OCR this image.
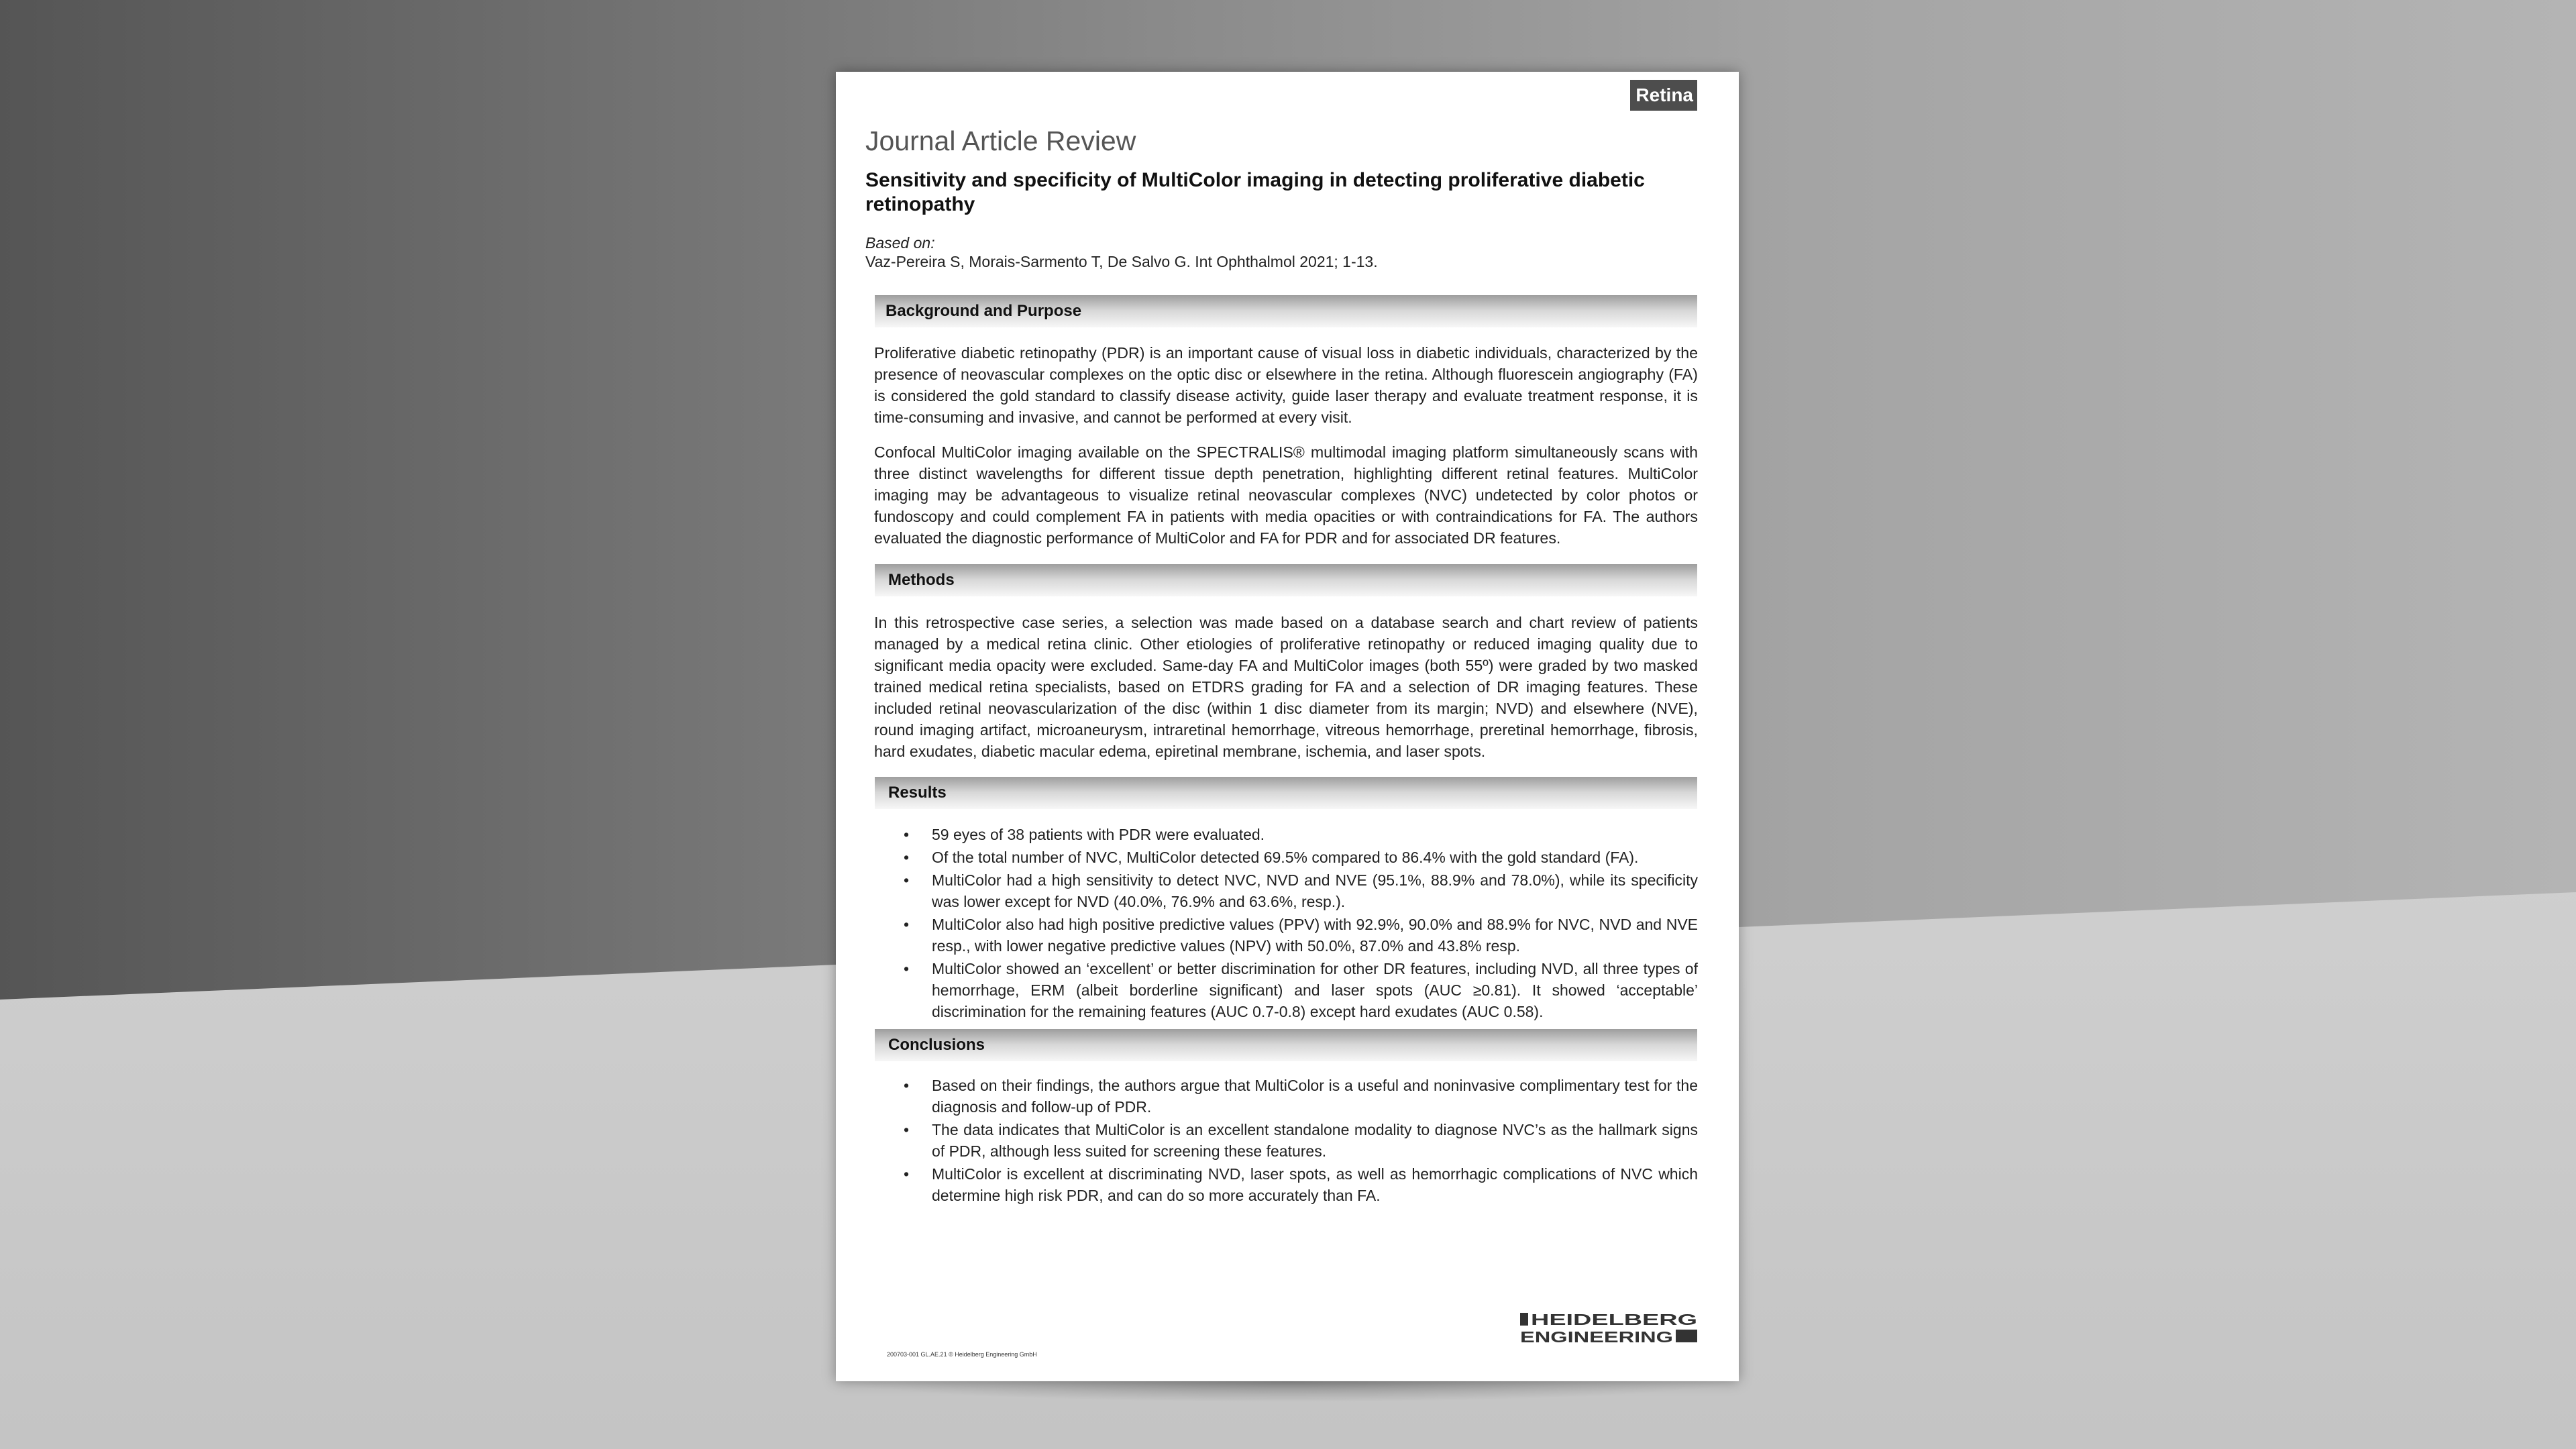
Retina
Journal Article Review
Sensitivity and specificity of MultiColor imaging in detecting proliferative diabetic retinopathy
Based on:
Vaz-Pereira S, Morais-Sarmento T, De Salvo G. Int Ophthalmol 2021; 1-13.
Background and Purpose

Proliferative diabetic retinopathy (PDR) is an important cause of visual loss in diabetic individuals, characterized by the presence of neovascular complexes on the optic disc or elsewhere in the retina. Although fluorescein angiography (FA) is considered the gold standard to classify disease activity, guide laser therapy and evaluate treatment response, it is time-consuming and invasive, and cannot be performed at every visit.

Confocal MultiColor imaging available on the SPECTRALIS® multimodal imaging platform simultaneously scans with three distinct wavelengths for different tissue depth penetration, highlighting different retinal features. MultiColor imaging may be advantageous to visualize retinal neovascular complexes (NVC) undetected by color photos or fundoscopy and could complement FA in patients with media opacities or with contraindications for FA. The authors evaluated the diagnostic performance of MultiColor and FA for PDR and for associated DR features.

Methods

In this retrospective case series, a selection was made based on a database search and chart review of patients managed by a medical retina clinic. Other etiologies of proliferative retinopathy or reduced imaging quality due to significant media opacity were excluded. Same-day FA and MultiColor images (both 55º) were graded by two masked trained medical retina specialists, based on ETDRS grading for FA and a selection of DR imaging features. These included retinal neovascularization of the disc (within 1 disc diameter from its margin; NVD) and elsewhere (NVE), round imaging artifact, microaneurysm, intraretinal hemorrhage, vitreous hemorrhage, preretinal hemorrhage, fibrosis, hard exudates, diabetic macular edema, epiretinal membrane, ischemia, and laser spots.

Results
• 59 eyes of 38 patients with PDR were evaluated.
• Of the total number of NVC, MultiColor detected 69.5% compared to 86.4% with the gold standard (FA).
• MultiColor had a high sensitivity to detect NVC, NVD and NVE (95.1%, 88.9% and 78.0%), while its specificity was lower except for NVD (40.0%, 76.9% and 63.6%, resp.).
• MultiColor also had high positive predictive values (PPV) with 92.9%, 90.0% and 88.9% for NVC, NVD and NVE resp., with lower negative predictive values (NPV) with 50.0%, 87.0% and 43.8% resp.
• MultiColor showed an ‘excellent’ or better discrimination for other DR features, including NVD, all three types of hemorrhage, ERM (albeit borderline significant) and laser spots (AUC ≥0.81). It showed ‘acceptable’ discrimination for the remaining features (AUC 0.7-0.8) except hard exudates (AUC 0.58).
Conclusions
• Based on their findings, the authors argue that MultiColor is a useful and noninvasive complimentary test for the diagnosis and follow-up of PDR.
• The data indicates that MultiColor is an excellent standalone modality to diagnose NVC’s as the hallmark signs of PDR, although less suited for screening these features.
• MultiColor is excellent at discriminating NVD, laser spots, as well as hemorrhagic complications of NVC which determine high risk PDR, and can do so more accurately than FA.
HEIDELBERG
ENGINEERING
200703-001 GL.AE.21 © Heidelberg Engineering GmbH
